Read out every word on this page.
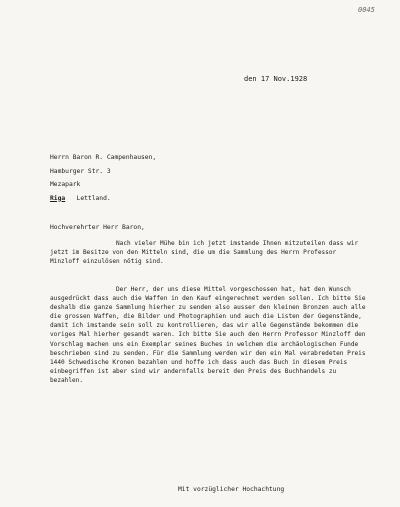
0045
den 17 Nov.1928
Herrn Baron R. Campenhausen,
Hamburger Str. 3
Mezapark
Riga Lettland.
Hochverehrter Herr Baron,
Nach vieler Mühe bin ich jetzt imstande Ihnen mitzuteilen dass wir jetzt im Besitze von den Mitteln sind, die um die Sammlung des Herrn Professor Minzloff einzulösen nötig sind.
Der Herr, der uns diese Mittel vorgeschossen hat, hat den Wunsch ausgedrückt dass auch die Waffen in den Kauf eingerechnet werden sollen. Ich bitte Sie deshalb die ganze Sammlung hierher zu senden also ausser den kleinen Bronzen auch alle die grossen Waffen, die Bilder und Photographien und auch die Listen der Gegenstände, damit ich imstande sein soll zu kontrollieren, das wir alle Gegenstände bekommen die voriges Mal hierher gesandt waren. Ich bitte Sie auch den Herrn Professor Minzloff den Vorschlag machen uns ein Exemplar seines Buches in welchem die archäologischen Funde beschrieben sind zu senden. Für die Sammlung werden wir den ein Mal verabredeten Preis 1440 Schwedische Kronen bezahlen und hoffe ich dass auch das Buch in diesem Preis einbegriffen ist aber sind wir andernfalls bereit den Preis des Buchhandels zu bezahlen.
Mit vorzüglicher Hochachtung
